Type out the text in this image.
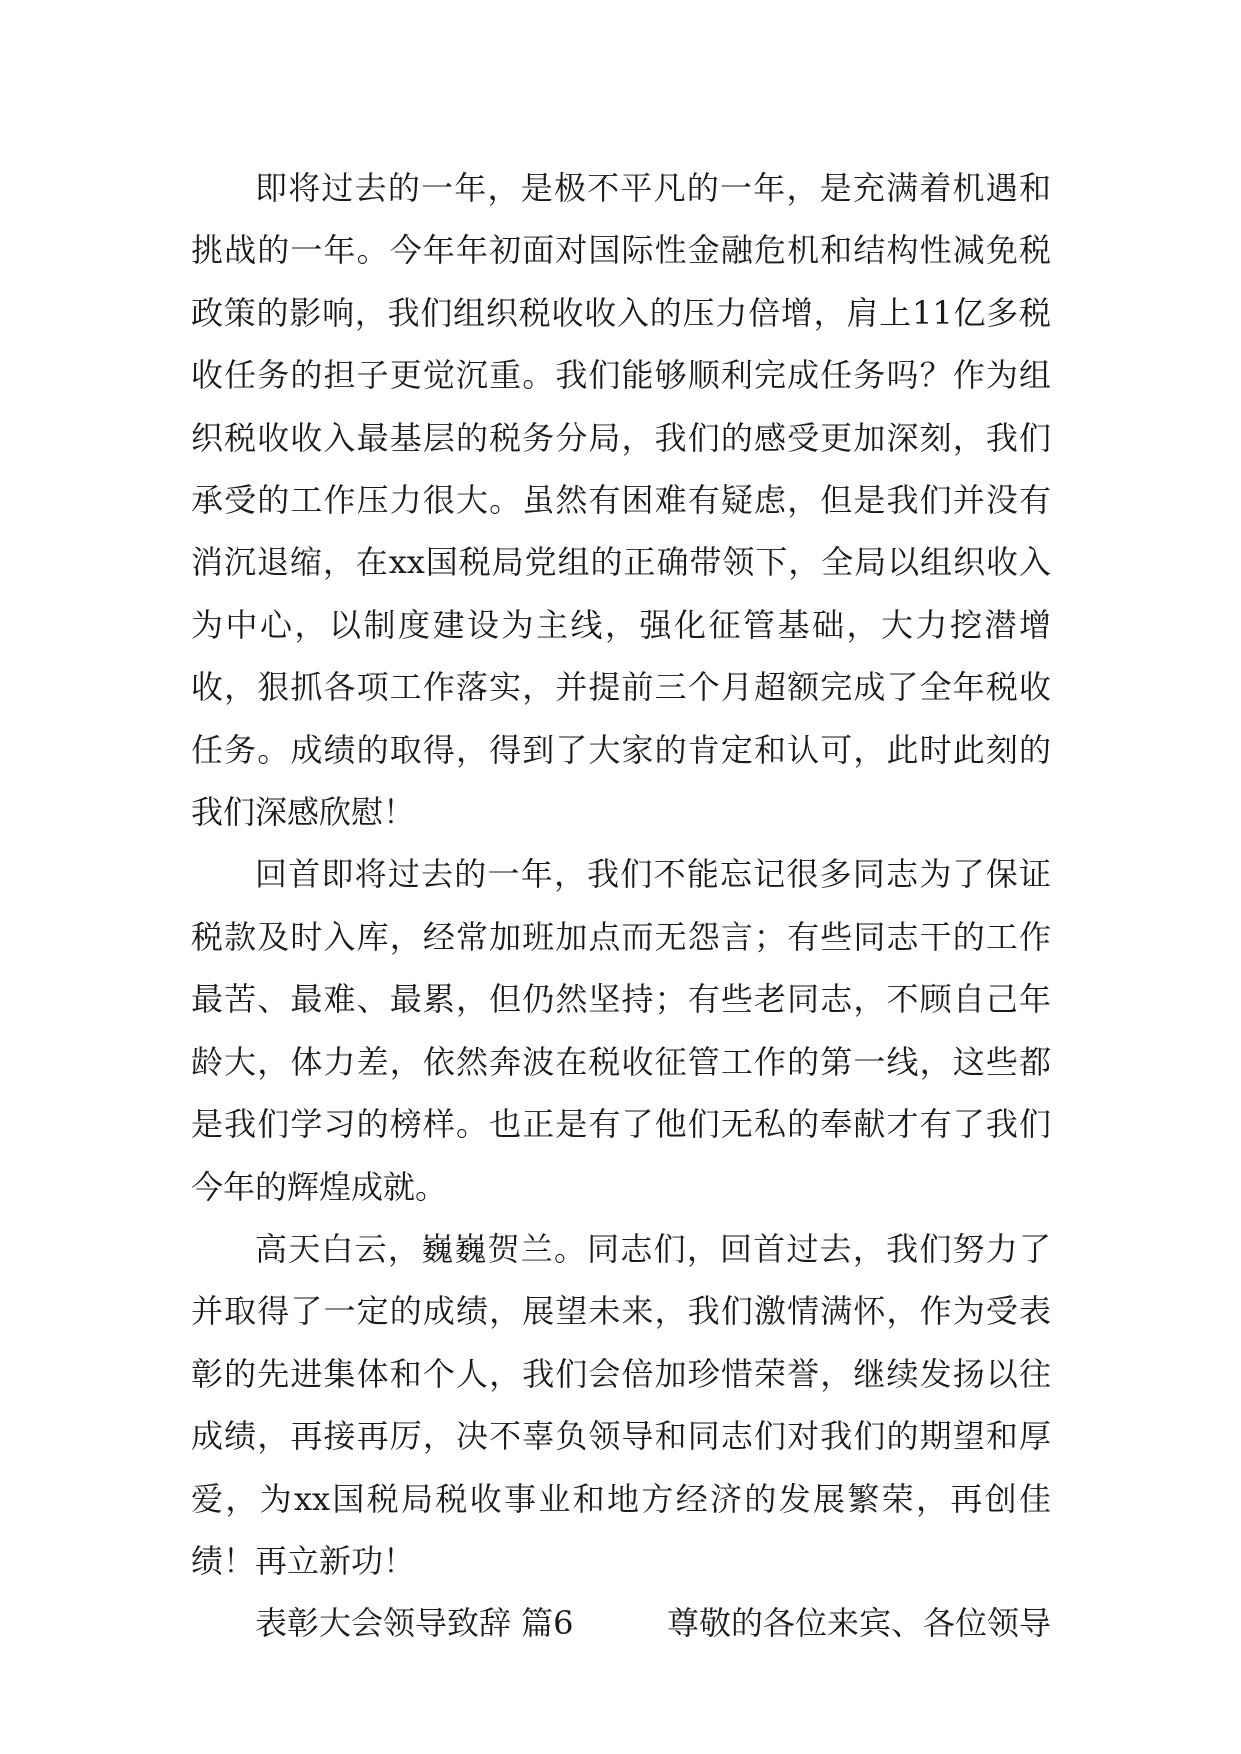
即将过去的一年，是极不平凡的一年，是充满着机遇和挑战的一年。今年年初面对国际性金融危机和结构性减免税政策的影响，我们组织税收收入的压力倍增，肩上11亿多税收任务的担子更觉沉重。我们能够顺利完成任务吗？作为组织税收收入最基层的税务分局，我们的感受更加深刻，我们承受的工作压力很大。虽然有困难有疑虑，但是我们并没有消沉退缩，在xx国税局党组的正确带领下，全局以组织收入为中心，以制度建设为主线，强化征管基础，大力挖潜增收，狠抓各项工作落实，并提前三个月超额完成了全年税收任务。成绩的取得，得到了大家的肯定和认可，此时此刻的我们深感欣慰！

回首即将过去的一年，我们不能忘记很多同志为了保证税款及时入库，经常加班加点而无怨言；有些同志干的工作最苦、最难、最累，但仍然坚持；有些老同志，不顾自己年龄大，体力差，依然奔波在税收征管工作的第一线，这些都是我们学习的榜样。也正是有了他们无私的奉献才有了我们今年的辉煌成就。

高天白云，巍巍贺兰。同志们，回首过去，我们努力了并取得了一定的成绩，展望未来，我们激情满怀，作为受表彰的先进集体和个人，我们会倍加珍惜荣誉，继续发扬以往成绩，再接再厉，决不辜负领导和同志们对我们的期望和厚爱，为xx国税局税收事业和地方经济的发展繁荣，再创佳绩！再立新功！

表彰大会领导致辞 篇6	尊敬的各位来宾、各位领导
